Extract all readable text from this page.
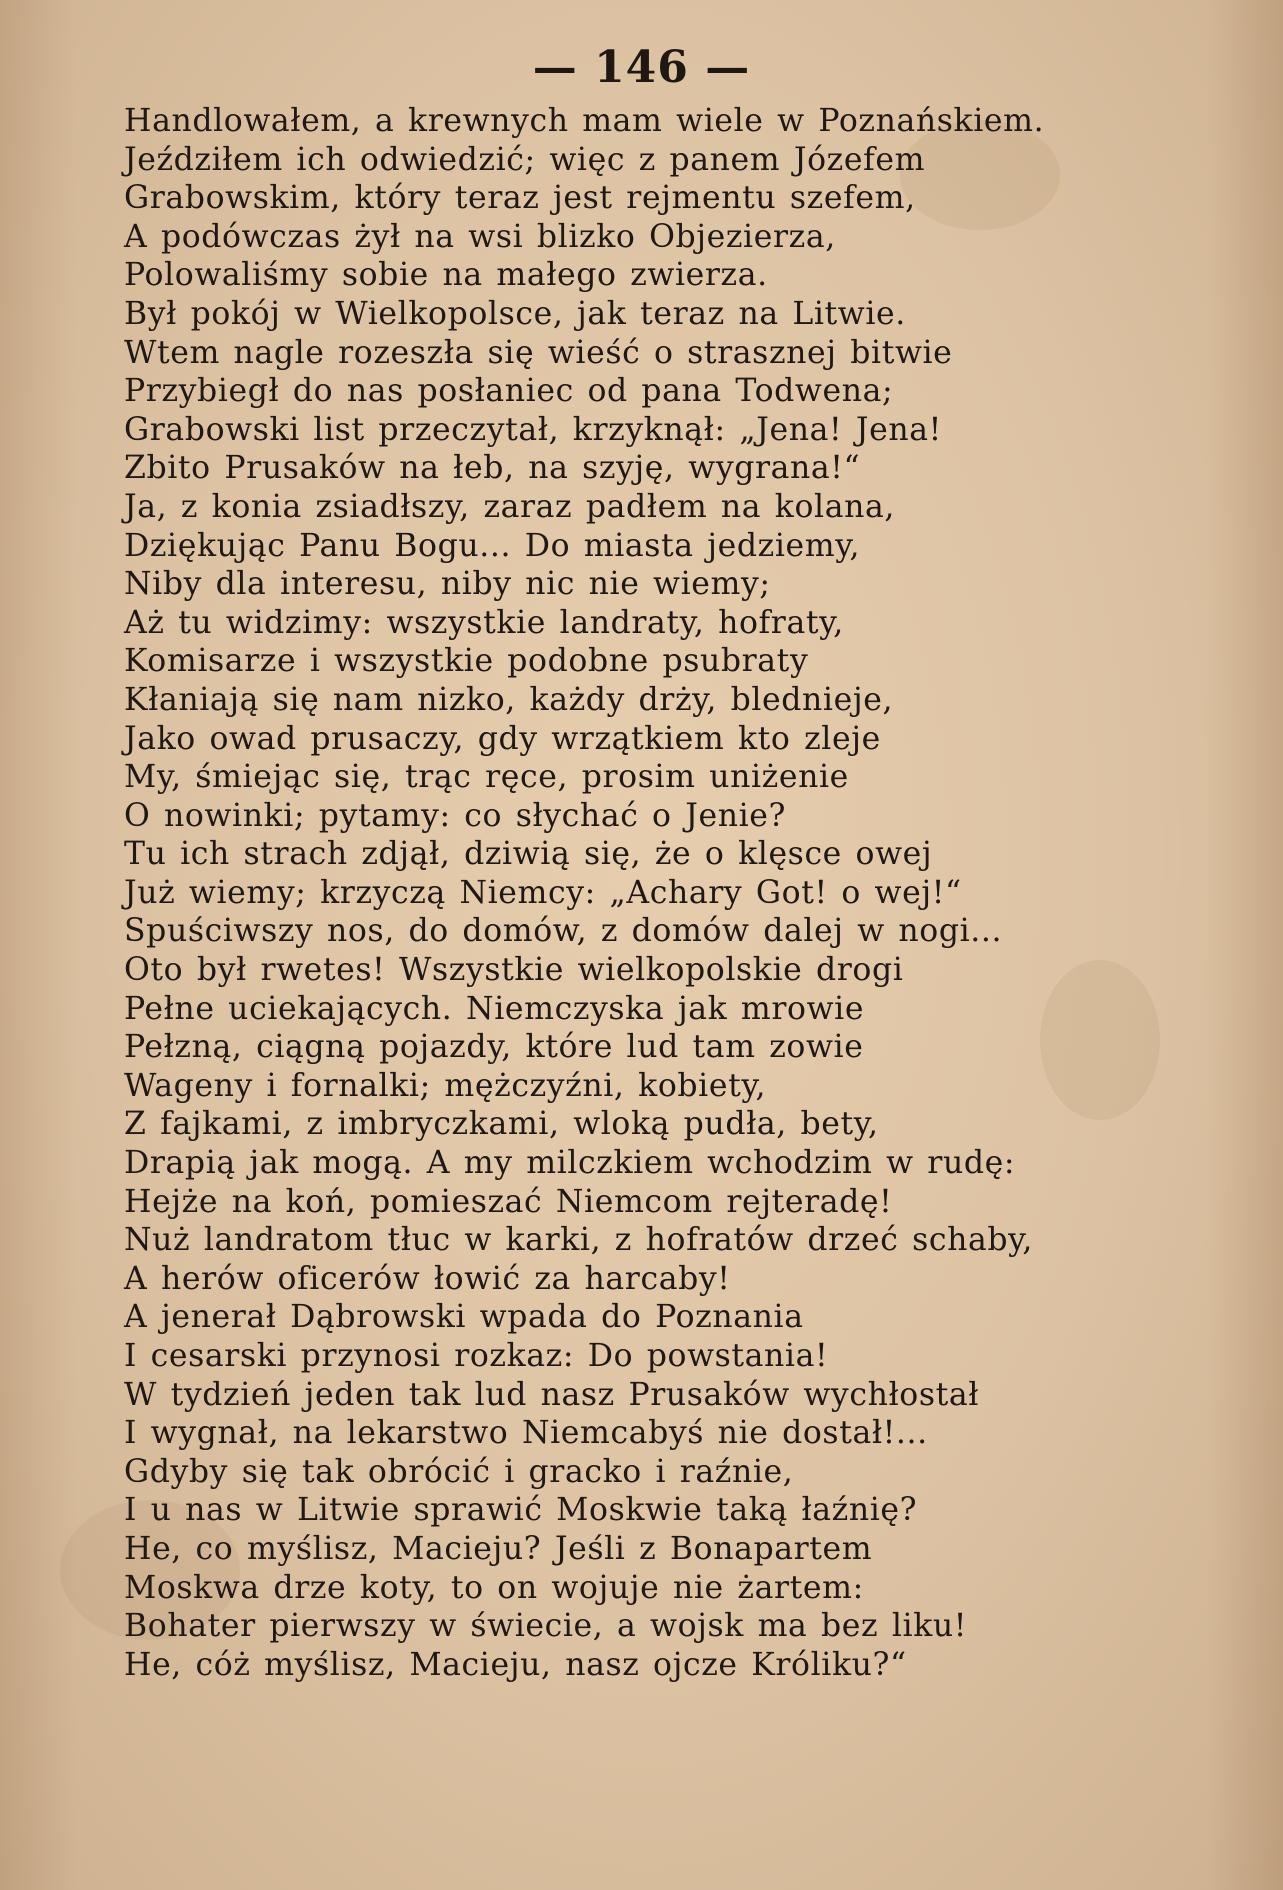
— 146 —

Handlowałem, a krewnych mam wiele w Poznańskiem.
Jeździłem ich odwiedzić; więc z panem Józefem
Grabowskim, który teraz jest rejmentu szefem,
A podówczas żył na wsi blizko Objezierza,
Polowaliśmy sobie na małego zwierza.
Był pokój w Wielkopolsce, jak teraz na Litwie.
Wtem nagle rozeszła się wieść o strasznej bitwie
Przybiegł do nas posłaniec od pana Todwena;
Grabowski list przeczytał, krzyknął: „Jena! Jena!
Zbito Prusaków na łeb, na szyję, wygrana!“
Ja, z konia zsiadłszy, zaraz padłem na kolana,
Dziękując Panu Bogu... Do miasta jedziemy,
Niby dla interesu, niby nic nie wiemy;
Aż tu widzimy: wszystkie landraty, hofraty,
Komisarze i wszystkie podobne psubraty
Kłaniają się nam nizko, każdy drży, blednieje,
Jako owad prusaczy, gdy wrzątkiem kto zleje
My, śmiejąc się, trąc ręce, prosim uniżenie
O nowinki; pytamy: co słychać o Jenie?
Tu ich strach zdjął, dziwią się, że o klęsce owej
Już wiemy; krzyczą Niemcy: „Achary Got! o wej!“
Spuściwszy nos, do domów, z domów dalej w nogi...
Oto był rwetes! Wszystkie wielkopolskie drogi
Pełne uciekających. Niemczyska jak mrowie
Pełzną, ciągną pojazdy, które lud tam zowie
Wageny i fornalki; mężczyźni, kobiety,
Z fajkami, z imbryczkami, wloką pudła, bety,
Drapią jak mogą. A my milczkiem wchodzim w rudę:
Hejże na koń, pomieszać Niemcom rejteradę!
Nuż landratom tłuc w karki, z hofratów drzeć schaby,
A herów oficerów łowić za harcaby!
A jenerał Dąbrowski wpada do Poznania
I cesarski przynosi rozkaz: Do powstania!
W tydzień jeden tak lud nasz Prusaków wychłostał
I wygnał, na lekarstwo Niemcabyś nie dostał!...
Gdyby się tak obrócić i gracko i raźnie,
I u nas w Litwie sprawić Moskwie taką łaźnię?
He, co myślisz, Macieju? Jeśli z Bonapartem
Moskwa drze koty, to on wojuje nie żartem:
Bohater pierwszy w świecie, a wojsk ma bez liku!
He, cóż myślisz, Macieju, nasz ojcze Króliku?“
